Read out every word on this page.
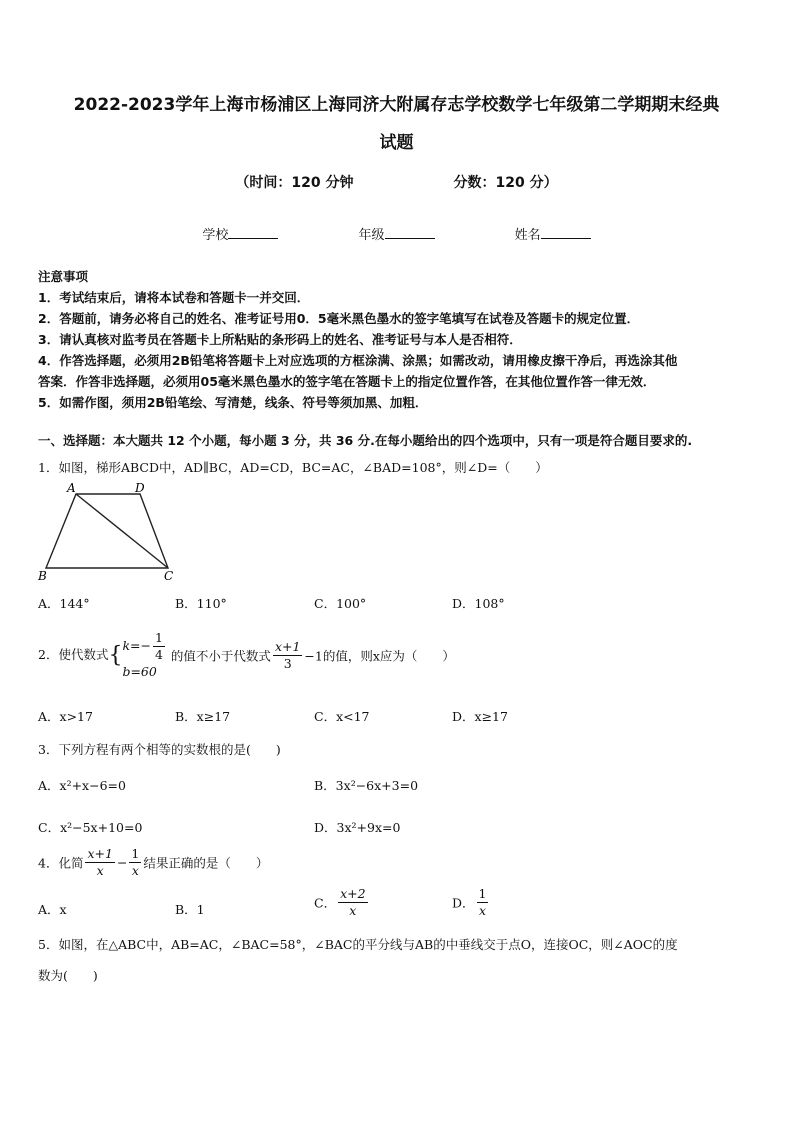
2022-2023学年上海市杨浦区上海同济大附属存志学校数学七年级第二学期期末经典
试题
（时间：120 分钟	分数：120 分）
学校	年级	姓名
注意事项
1．考试结束后，请将本试卷和答题卡一并交回．
2．答题前，请务必将自己的姓名、准考证号用0．5毫米黑色墨水的签字笔填写在试卷及答题卡的规定位置．
3．请认真核对监考员在答题卡上所粘贴的条形码上的姓名、准考证号与本人是否相符．
4．作答选择题，必须用2B铅笔将答题卡上对应选项的方框涂满、涂黑；如需改动，请用橡皮擦干净后，再选涂其他
答案．作答非选择题，必须用05毫米黑色墨水的签字笔在答题卡上的指定位置作答，在其他位置作答一律无效．
5．如需作图，须用2B铅笔绘、写清楚，线条、符号等须加黑、加粗．
一、选择题：本大题共 12 个小题，每小题 3 分，共 36 分.在每小题给出的四个选项中，只有一项是符合题目要求的.
1．如图，梯形ABCD中，AD∥BC，AD=CD，BC=AC，∠BAD=108°，则∠D=（　　）
A	D
B	C
A．144°	B．110°	C．100°	D．108°
2．使代数式{ $k=- \frac{1}{4}$
b=60
的值不小于代数式 $\frac{x+1}{3} -1$的值，则x应为（　　）
A．x>17	B．x≥17	C．x<17	D．x≥17
3．下列方程有两个相等的实数根的是(　　)
A．x²+x−6=0	B．3x²−6x+3=0
C．x²−5x+10=0	D．3x²+9x=0
4．化简 $\frac{x+1}{x} - \frac{1}{x}$ 结果正确的是（　　）
A．x	B．1	C． $\frac{x+2}{x}$	D． $\frac{1}{x}$
5．如图，在△ABC中，AB=AC，∠BAC=58°，∠BAC的平分线与AB的中垂线交于点O，连接OC，则∠AOC的度
数为(　　)
